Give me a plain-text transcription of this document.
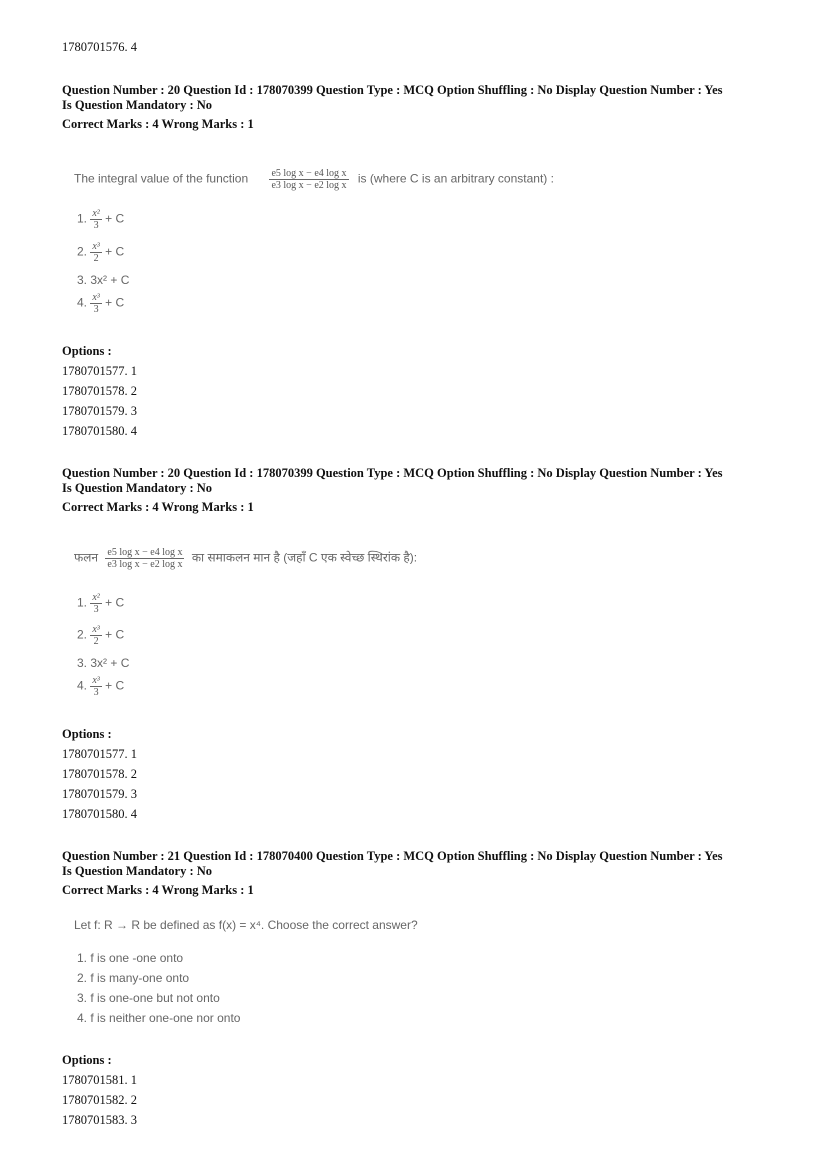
1780701576. 4
Question Number : 20 Question Id : 178070399 Question Type : MCQ Option Shuffling : No Display Question Number : Yes
Is Question Mandatory : No
Correct Marks : 4 Wrong Marks : 1
The integral value of the function $\frac{\text{e5 log x − e4 log x}}{\text{e3 log x − e2 log x}}$ is (where C is an arbitrary constant) :
1. $\frac{\text{x²}}{3} + C$
2. $\frac{\text{x³}}{2} + C$
3. 3x² + C
4. $\frac{\text{x³}}{3} + C$
Options :
1780701577. 1
1780701578. 2
1780701579. 3
1780701580. 4
Question Number : 20 Question Id : 178070399 Question Type : MCQ Option Shuffling : No Display Question Number : Yes
Is Question Mandatory : No
Correct Marks : 4 Wrong Marks : 1
फलन $\frac{\text{e5 log x − e4 log x}}{\text{e3 log x − e2 log x}}$ का समाकलन मान है (जहाँ C एक स्वेच्छ स्थिरांक है):
1. $\frac{\text{x²}}{3} + C$
2. $\frac{\text{x³}}{2} + C$
3. 3x² + C
4. $\frac{\text{x³}}{3} + C$
Options :
1780701577. 1
1780701578. 2
1780701579. 3
1780701580. 4
Question Number : 21 Question Id : 178070400 Question Type : MCQ Option Shuffling : No Display Question Number : Yes
Is Question Mandatory : No
Correct Marks : 4 Wrong Marks : 1
Let f: R → R be defined as f(x) = x⁴. Choose the correct answer?
1. f is one -one onto
2. f is many-one onto
3. f is one-one but not onto
4. f is neither one-one nor onto
Options :
1780701581. 1
1780701582. 2
1780701583. 3
